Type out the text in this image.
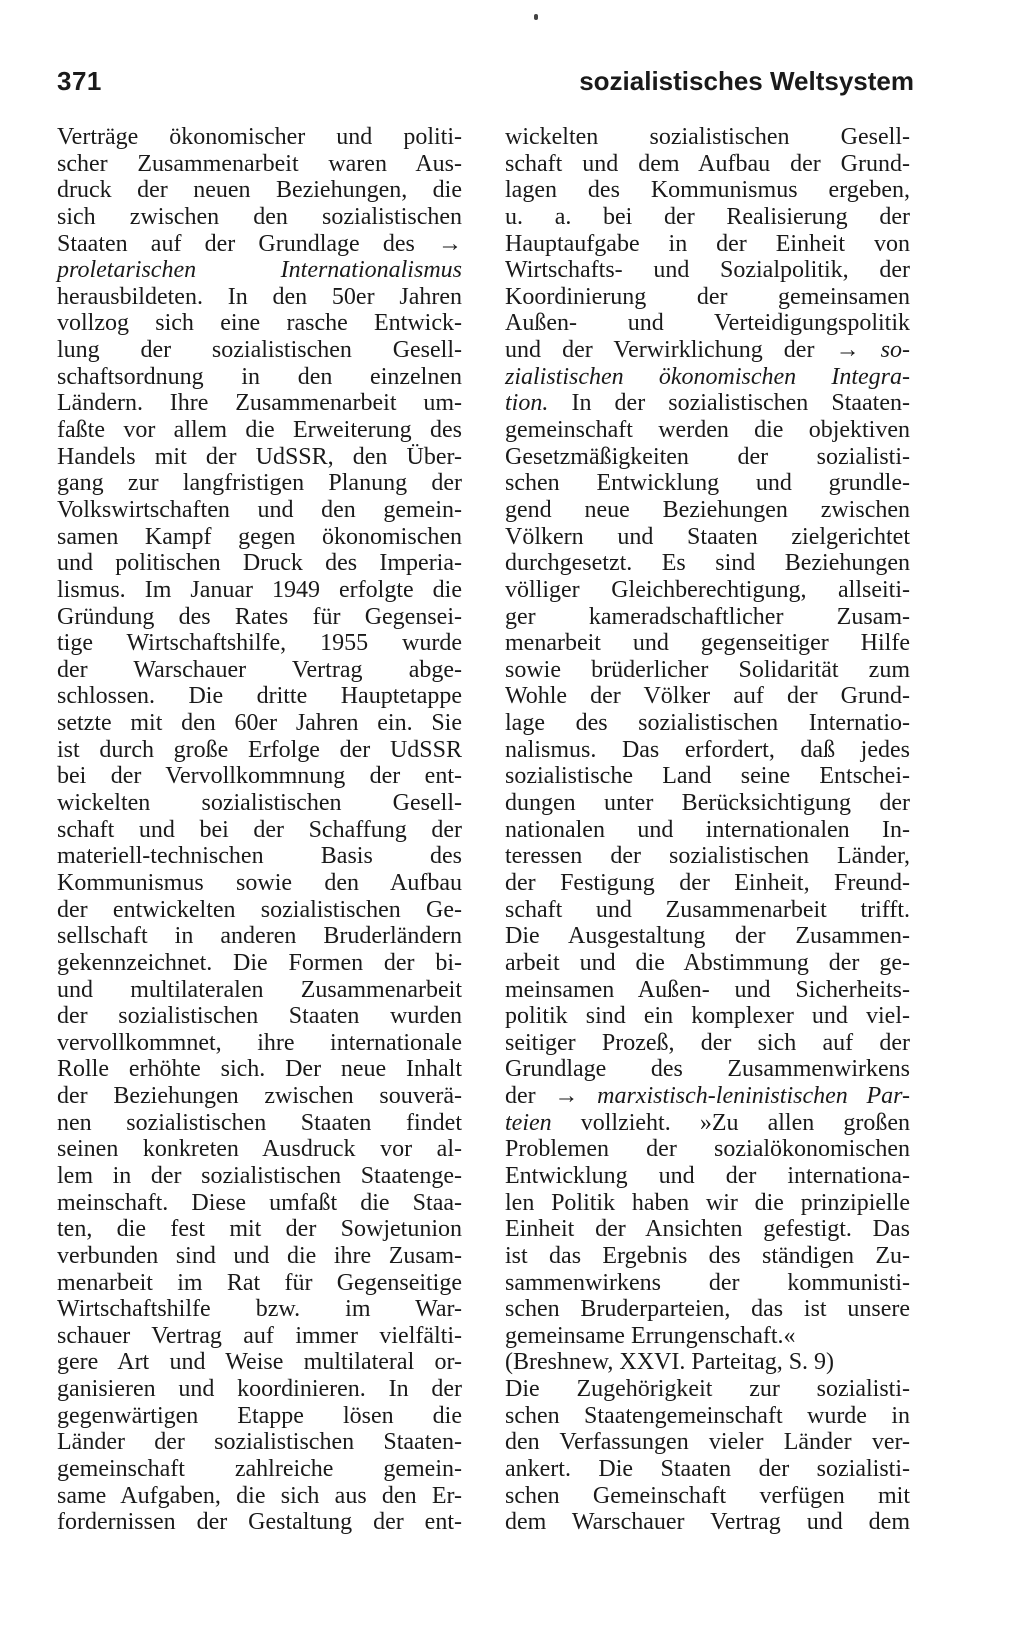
371	sozialistisches Weltsystem
Verträge ökonomischer und politi-
scher Zusammenarbeit waren Aus-
druck der neuen Beziehungen, die
sich zwischen den sozialistischen
Staaten auf der Grundlage des →
proletarischen Internationalismus
herausbildeten. In den 50er Jahren
vollzog sich eine rasche Entwick-
lung der sozialistischen Gesell-
schaftsordnung in den einzelnen
Ländern. Ihre Zusammenarbeit um-
faßte vor allem die Erweiterung des
Handels mit der UdSSR, den Über-
gang zur langfristigen Planung der
Volkswirtschaften und den gemein-
samen Kampf gegen ökonomischen
und politischen Druck des Imperia-
lismus. Im Januar 1949 erfolgte die
Gründung des Rates für Gegensei-
tige Wirtschaftshilfe, 1955 wurde
der Warschauer Vertrag abge-
schlossen. Die dritte Hauptetappe
setzte mit den 60er Jahren ein. Sie
ist durch große Erfolge der UdSSR
bei der Vervollkommnung der ent-
wickelten sozialistischen Gesell-
schaft und bei der Schaffung der
materiell-technischen Basis des
Kommunismus sowie den Aufbau
der entwickelten sozialistischen Ge-
sellschaft in anderen Bruderländern
gekennzeichnet. Die Formen der bi-
und multilateralen Zusammenarbeit
der sozialistischen Staaten wurden
vervollkommnet, ihre internationale
Rolle erhöhte sich. Der neue Inhalt
der Beziehungen zwischen souverä-
nen sozialistischen Staaten findet
seinen konkreten Ausdruck vor al-
lem in der sozialistischen Staatenge-
meinschaft. Diese umfaßt die Staa-
ten, die fest mit der Sowjetunion
verbunden sind und die ihre Zusam-
menarbeit im Rat für Gegenseitige
Wirtschaftshilfe bzw. im War-
schauer Vertrag auf immer vielfälti-
gere Art und Weise multilateral or-
ganisieren und koordinieren. In der
gegenwärtigen Etappe lösen die
Länder der sozialistischen Staaten-
gemeinschaft zahlreiche gemein-
same Aufgaben, die sich aus den Er-
fordernissen der Gestaltung der ent-
wickelten sozialistischen Gesell-
schaft und dem Aufbau der Grund-
lagen des Kommunismus ergeben,
u. a. bei der Realisierung der
Hauptaufgabe in der Einheit von
Wirtschafts- und Sozialpolitik, der
Koordinierung der gemeinsamen
Außen- und Verteidigungspolitik
und der Verwirklichung der → so-
zialistischen ökonomischen Integra-
tion. In der sozialistischen Staaten-
gemeinschaft werden die objektiven
Gesetzmäßigkeiten der sozialisti-
schen Entwicklung und grundle-
gend neue Beziehungen zwischen
Völkern und Staaten zielgerichtet
durchgesetzt. Es sind Beziehungen
völliger Gleichberechtigung, allseiti-
ger kameradschaftlicher Zusam-
menarbeit und gegenseitiger Hilfe
sowie brüderlicher Solidarität zum
Wohle der Völker auf der Grund-
lage des sozialistischen Internatio-
nalismus. Das erfordert, daß jedes
sozialistische Land seine Entschei-
dungen unter Berücksichtigung der
nationalen und internationalen In-
teressen der sozialistischen Länder,
der Festigung der Einheit, Freund-
schaft und Zusammenarbeit trifft.
Die Ausgestaltung der Zusammen-
arbeit und die Abstimmung der ge-
meinsamen Außen- und Sicherheits-
politik sind ein komplexer und viel-
seitiger Prozeß, der sich auf der
Grundlage des Zusammenwirkens
der → marxistisch-leninistischen Par-
teien vollzieht. »Zu allen großen
Problemen der sozialökonomischen
Entwicklung und der internationa-
len Politik haben wir die prinzipielle
Einheit der Ansichten gefestigt. Das
ist das Ergebnis des ständigen Zu-
sammenwirkens der kommunisti-
schen Bruderparteien, das ist unsere
gemeinsame Errungenschaft.«
(Breshnew, XXVI. Parteitag, S. 9)
Die Zugehörigkeit zur sozialisti-
schen Staatengemeinschaft wurde in
den Verfassungen vieler Länder ver-
ankert. Die Staaten der sozialisti-
schen Gemeinschaft verfügen mit
dem Warschauer Vertrag und dem
